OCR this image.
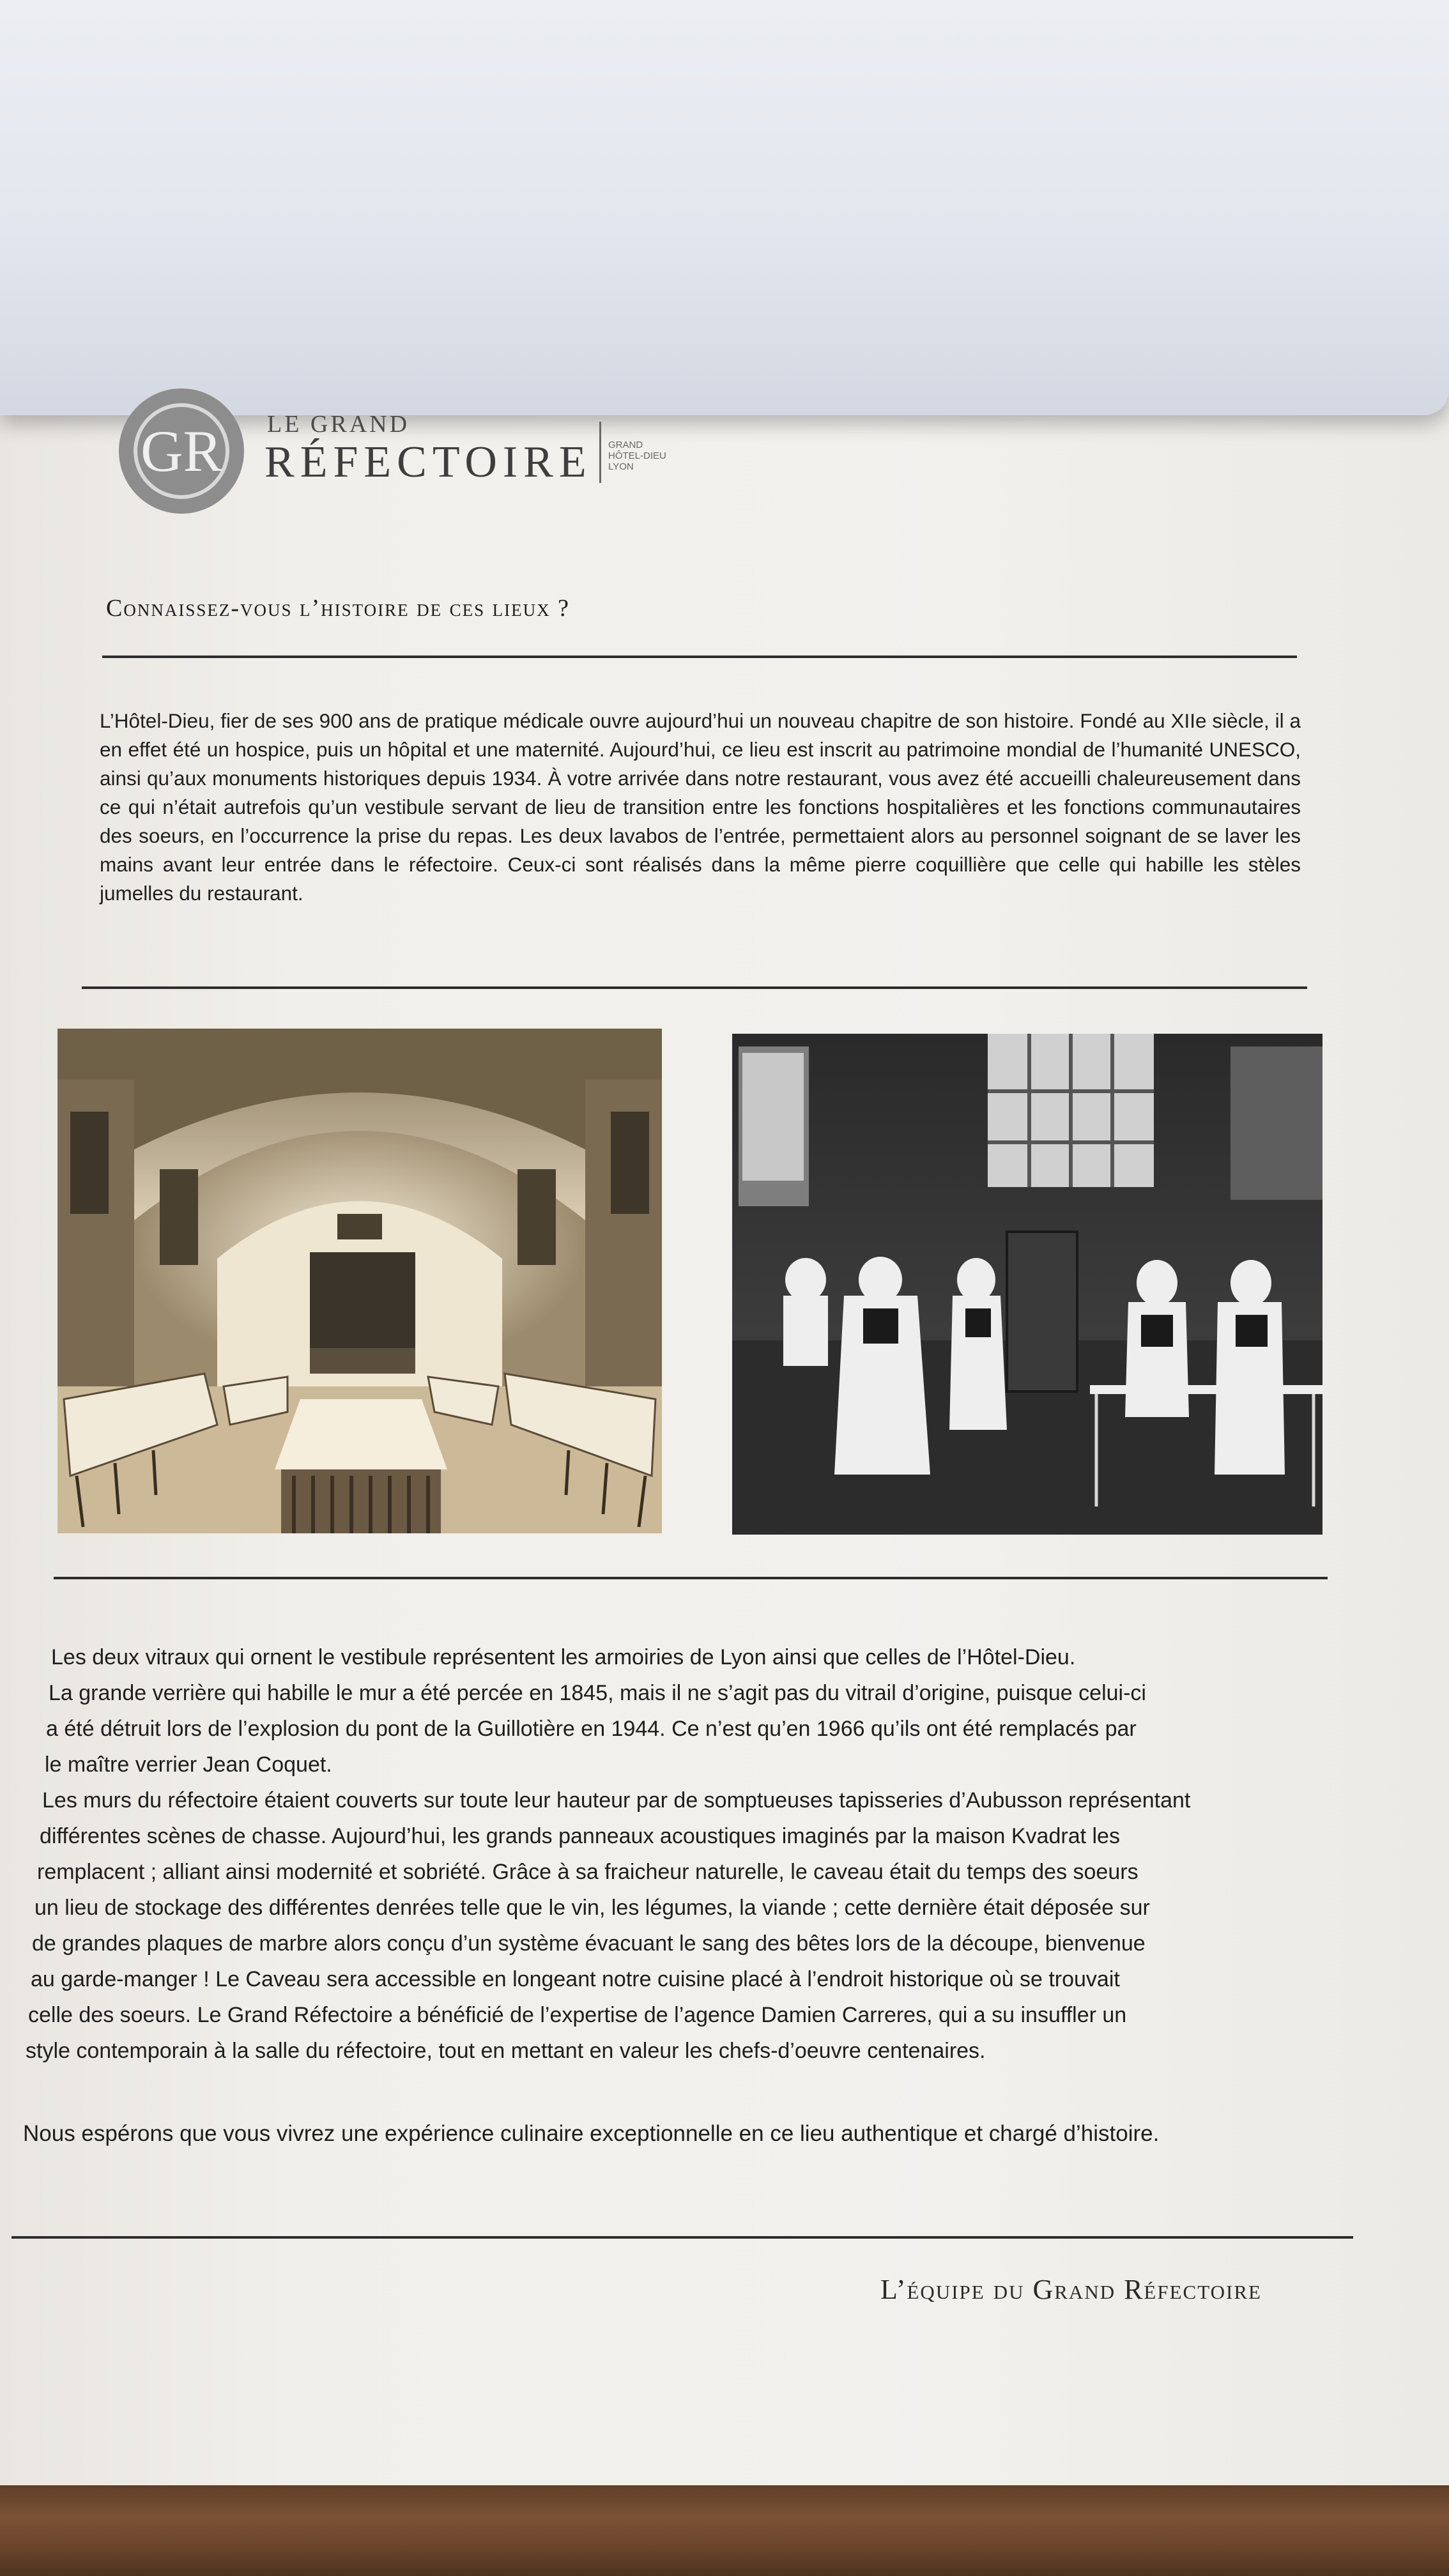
GR LE GRAND
RÉFECTOIRE GRAND
HÔTEL-DIEU
LYON
Connaissez-vous l’histoire de ces lieux ?
L’Hôtel-Dieu, fier de ses 900 ans de pratique médicale ouvre aujourd’hui un nouveau chapitre de son histoire. Fondé au XIIe siècle, il a en effet été un hospice, puis un hôpital et une maternité. Aujourd’hui, ce lieu est inscrit au patrimoine mondial de l’humanité UNESCO, ainsi qu’aux monuments historiques depuis 1934. À votre arrivée dans notre restaurant, vous avez été accueilli chaleureusement dans ce qui n’était autrefois qu’un vestibule servant de lieu de transition entre les fonctions hospitalières et les fonctions communautaires des soeurs, en l’occurrence la prise du repas. Les deux lavabos de l’entrée, permettaient alors au personnel soignant de se laver les mains avant leur entrée dans le réfectoire. Ceux-ci sont réalisés dans la même pierre coquillière que celle qui habille les stèles jumelles du restaurant.
Les deux vitraux qui ornent le vestibule représentent les armoiries de Lyon ainsi que celles de l’Hôtel-Dieu.
La grande verrière qui habille le mur a été percée en 1845, mais il ne s’agit pas du vitrail d’origine, puisque celui-ci
a été détruit lors de l’explosion du pont de la Guillotière en 1944. Ce n’est qu’en 1966 qu’ils ont été remplacés par
le maître verrier Jean Coquet.
Les murs du réfectoire étaient couverts sur toute leur hauteur par de somptueuses tapisseries d’Aubusson représentant
différentes scènes de chasse. Aujourd’hui, les grands panneaux acoustiques imaginés par la maison Kvadrat les
remplacent ; alliant ainsi modernité et sobriété. Grâce à sa fraicheur naturelle, le caveau était du temps des soeurs
un lieu de stockage des différentes denrées telle que le vin, les légumes, la viande ; cette dernière était déposée sur
de grandes plaques de marbre alors conçu d’un système évacuant le sang des bêtes lors de la découpe, bienvenue
au garde-manger ! Le Caveau sera accessible en longeant notre cuisine placé à l’endroit historique où se trouvait
celle des soeurs. Le Grand Réfectoire a bénéficié de l’expertise de l’agence Damien Carreres, qui a su insuffler un
style contemporain à la salle du réfectoire, tout en mettant en valeur les chefs-d’oeuvre centenaires.
Nous espérons que vous vivrez une expérience culinaire exceptionnelle en ce lieu authentique et chargé d’histoire.
L’équipe du Grand Réfectoire
